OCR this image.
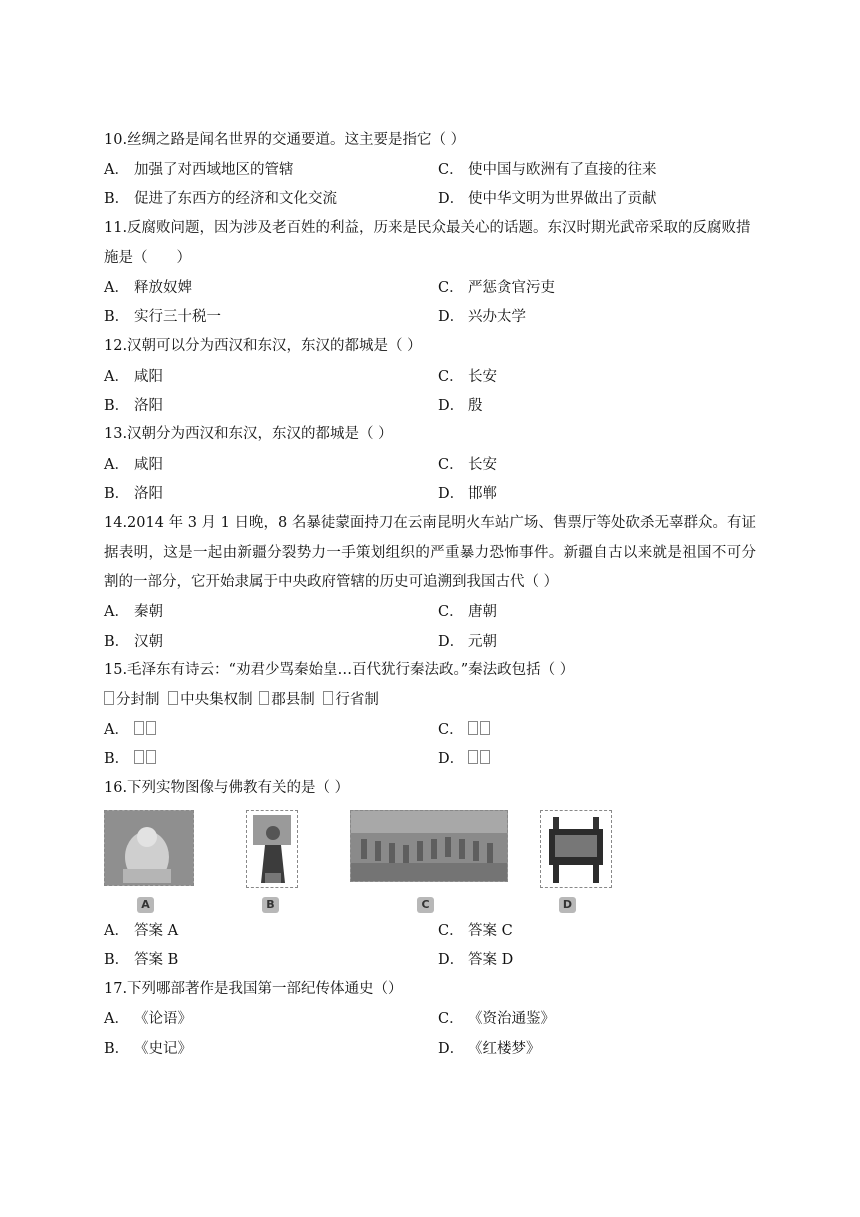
10.丝绸之路是闻名世界的交通要道。这主要是指它（ ）
A． 加强了对西域地区的管辖	C． 使中国与欧洲有了直接的往来
B． 促进了东西方的经济和文化交流	D． 使中华文明为世界做出了贡献
11.反腐败问题，因为涉及老百姓的利益，历来是民众最关心的话题。东汉时期光武帝采取的反腐败措施是（　　）
A． 释放奴婢	C． 严惩贪官污吏
B． 实行三十税一	D． 兴办太学
12.汉朝可以分为西汉和东汉，东汉的都城是（ ）
A． 咸阳	C． 长安
B． 洛阳	D． 殷
13.汉朝分为西汉和东汉，东汉的都城是（ ）
A． 咸阳	C． 长安
B． 洛阳	D． 邯郸
14.2014 年 3 月 1 日晚，8 名暴徒蒙面持刀在云南昆明火车站广场、售票厅等处砍杀无辜群众。有证据表明，这是一起由新疆分裂势力一手策划组织的严重暴力恐怖事件。新疆自古以来就是祖国不可分割的一部分，它开始隶属于中央政府管辖的历史可追溯到我国古代（ ）
A． 秦朝	C． 唐朝
B． 汉朝	D． 元朝
15.毛泽东有诗云：“劝君少骂秦始皇…百代犹行秦法政。”秦法政包括（ ）
分封制 中央集权制 郡县制 行省制
A．	C．
B．	D．
16.下列实物图像与佛教有关的是（ ）
A	B	C	D
A． 答案 A	C． 答案 C
B． 答案 B	D． 答案 D
17.下列哪部著作是我国第一部纪传体通史（）
A． 《论语》	C． 《资治通鉴》
B． 《史记》	D． 《红楼梦》
